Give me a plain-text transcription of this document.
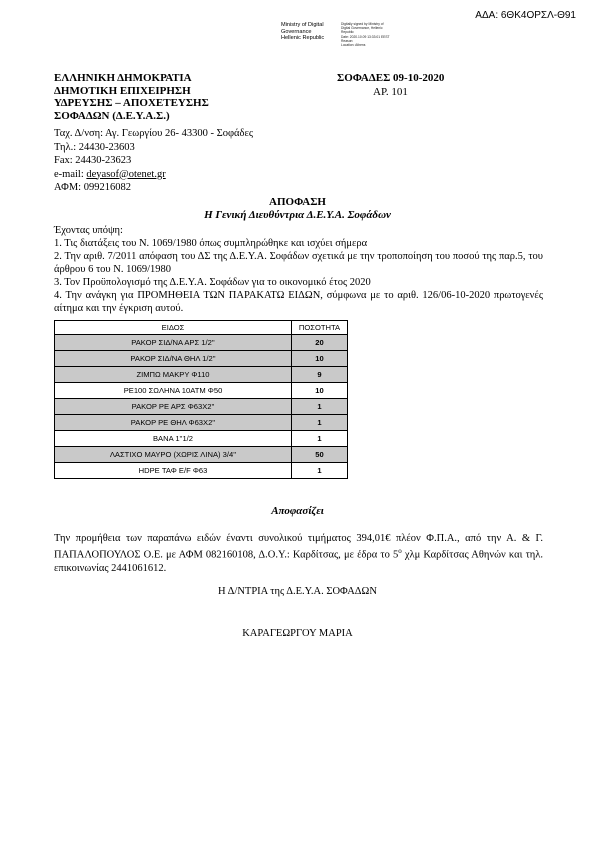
ΑΔΑ: 6ΘΚ4ΟΡΣΛ-Θ91
Ministry of Digital
Governance
Hellenic Republic
Digitally signed by Ministry of
Digital Governance, Hellenic
Republic
Date: 2020.10.09 13:33:01 EEST
Reason:
Location: Athens
ΕΛΛΗΝΙΚΗ ΔΗΜΟΚΡΑΤΙΑ
ΔΗΜΟΤΙΚΗ ΕΠΙΧΕΙΡΗΣΗ
ΥΔΡΕΥΣΗΣ – ΑΠΟΧΕΤΕΥΣΗΣ
ΣΟΦΑΔΩΝ (Δ.Ε.Υ.Α.Σ.)
ΣΟΦΑΔΕΣ 09-10-2020
ΑΡ. 101
Ταχ. Δ/νση: Αγ. Γεωργίου 26- 43300 - Σοφάδες
Τηλ.: 24430-23603
Fax: 24430-23623
e-mail: deyasof@otenet.gr
ΑΦΜ: 099216082
ΑΠΟΦΑΣΗ
Η Γενική Διευθύντρια Δ.Ε.Υ.Α. Σοφάδων

Έχοντας υπόψη:

1. Τις διατάξεις του Ν. 1069/1980 όπως συμπληρώθηκε και ισχύει σήμερα

2. Την αριθ. 7/2011 απόφαση του ΔΣ της Δ.Ε.Υ.Α. Σοφάδων σχετικά με την τροποποίηση του ποσού της παρ.5, του άρθρου 6 του Ν. 1069/1980

3. Τον Προϋπολογισμό της Δ.Ε.Υ.Α. Σοφάδων για το οικονομικό έτος 2020

4. Την ανάγκη για ΠΡΟΜΗΘΕΙΑ ΤΩΝ ΠΑΡΑΚΑΤΩ ΕΙΔΩΝ, σύμφωνα με το αριθ. 126/06-10-2020 πρωτογενές αίτημα και την έγκριση αυτού.

ΕΙΔΟΣ	ΠΟΣΟΤΗΤΑ
ΡΑΚΟΡ ΣΙΔ/ΝΑ ΑΡΣ 1/2''	20
ΡΑΚΟΡ ΣΙΔ/ΝΑ ΘΗΛ 1/2''	10
ΖΙΜΠΩ ΜΑΚΡΥ Φ110	9
ΡΕ100 ΣΩΛΗΝΑ 10ΑΤΜ Φ50	10
ΡΑΚΟΡ ΡΕ ΑΡΣ Φ63Χ2''	1
ΡΑΚΟΡ ΡΕ ΘΗΛ Φ63Χ2''	1
ΒΑΝΑ 1''1/2	1
ΛΑΣΤΙΧΟ ΜΑΥΡΟ (ΧΩΡΙΣ ΛΙΝΑ) 3/4''	50
HDPE ΤΑΦ Ε/F Φ63	1
Αποφασίζει

Την προμήθεια των παραπάνω ειδών έναντι συνολικού τιμήματος 394,01€ πλέον Φ.Π.Α., από την Α. & Γ. ΠΑΠΑΛΟΠΟΥΛΟΣ Ο.Ε. με ΑΦΜ 082160108, Δ.Ο.Υ.: Καρδίτσας, με έδρα το $5^o$ χλμ Καρδίτσας Αθηνών και τηλ. επικοινωνίας 2441061612.

Η Δ/ΝΤΡΙΑ της Δ.Ε.Υ.Α. ΣΟΦΑΔΩΝ
ΚΑΡΑΓΕΩΡΓΟΥ ΜΑΡΙΑ
